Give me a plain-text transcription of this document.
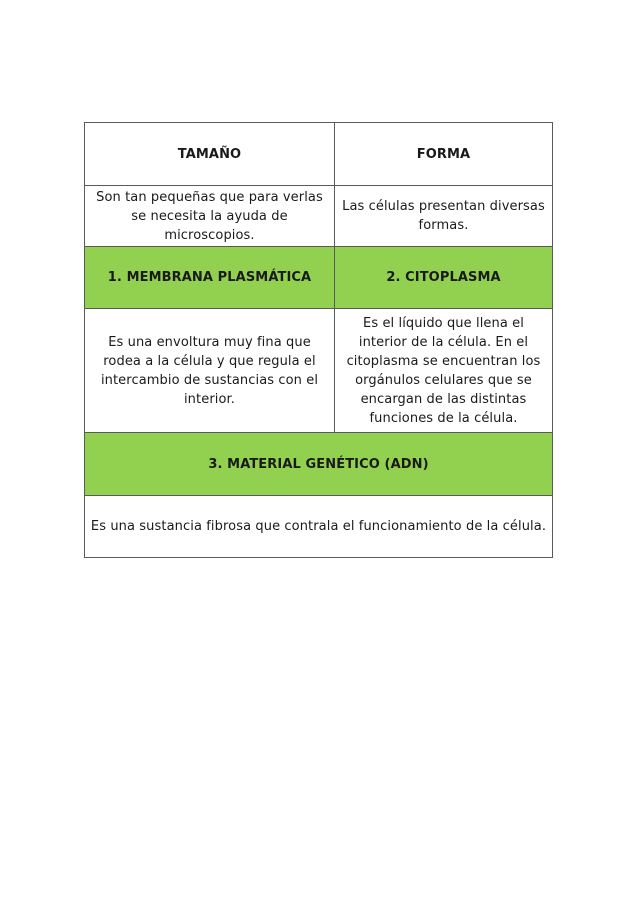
TAMAÑO	FORMA
Son tan pequeñas que para verlas se necesita la ayuda de microscopios.	Las células presentan diversas formas.
1. MEMBRANA PLASMÁTICA	2. CITOPLASMA
Es una envoltura muy fina que rodea a la célula y que regula el intercambio de sustancias con el interior.	Es el líquido que llena el interior de la célula. En el citoplasma se encuentran los orgánulos celulares que se encargan de las distintas funciones de la célula.
3. MATERIAL GENÉTICO (ADN)	
Es una sustancia fibrosa que contrala el funcionamiento de la célula.	
